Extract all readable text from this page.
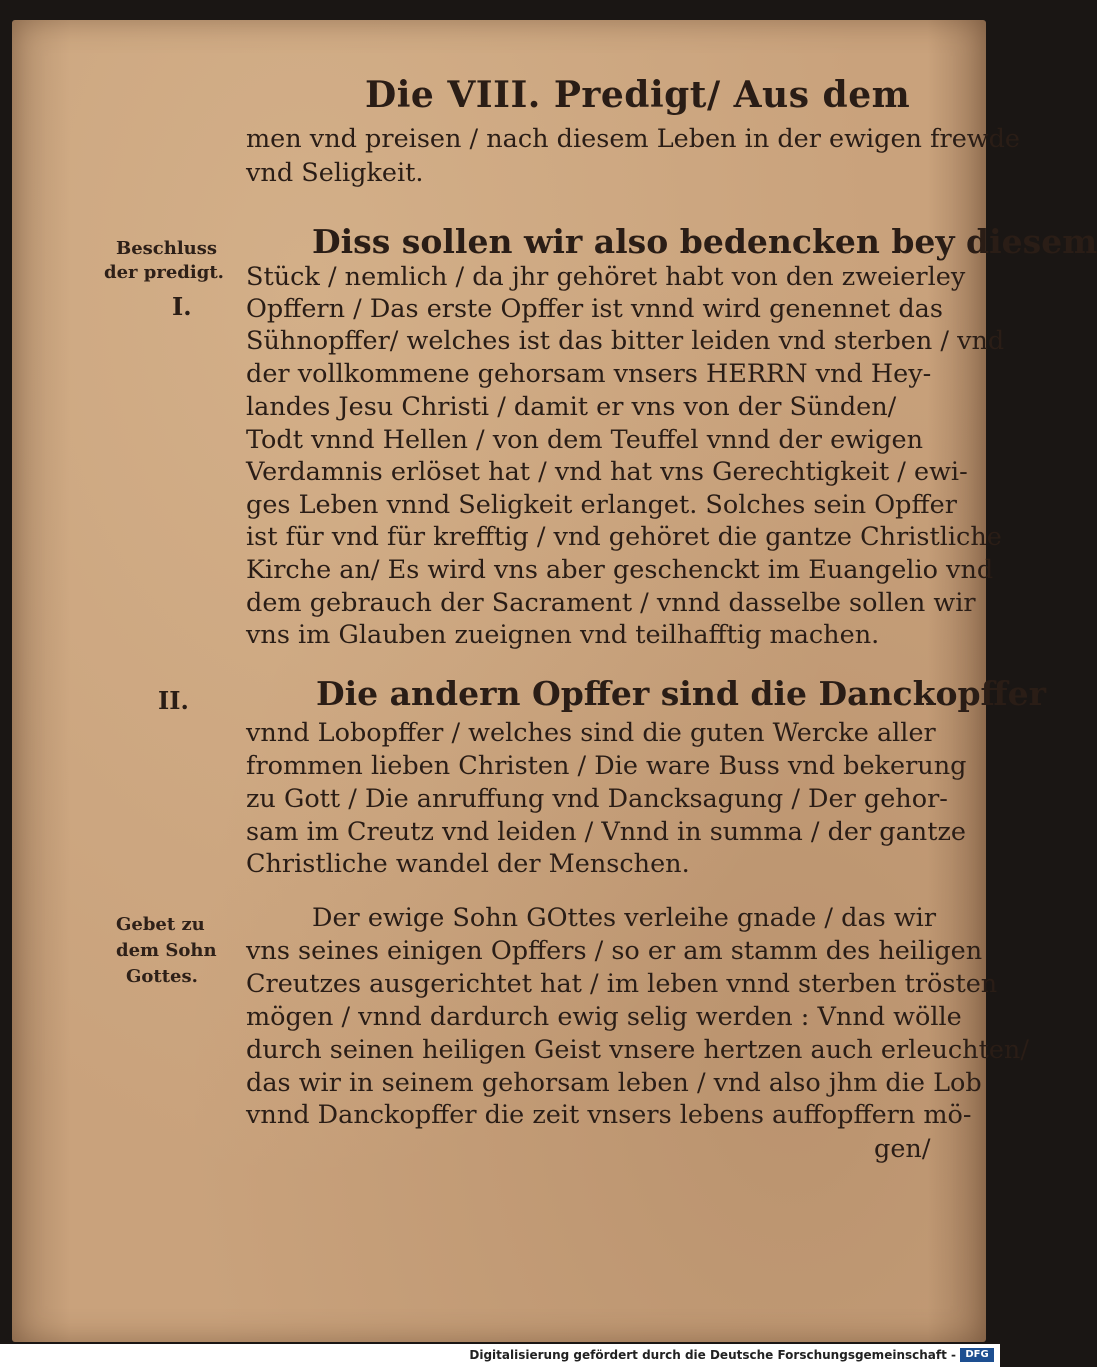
Die VIII. Predigt/ Aus dem
men vnd preisen / nach diesem Leben in der ewigen frewde
vnd Seligkeit.
Diss sollen wir also bedencken bey diesem
Stück / nemlich / da jhr gehöret habt von den zweierley
Opffern / Das erste Opffer ist vnnd wird genennet das
Sühnopffer/ welches ist das bitter leiden vnd sterben / vnd
der vollkommene gehorsam vnsers HERRN vnd Hey-
landes Jesu Christi / damit er vns von der Sünden/
Todt vnnd Hellen / von dem Teuffel vnnd der ewigen
Verdamnis erlöset hat / vnd hat vns Gerechtigkeit / ewi-
ges Leben vnnd Seligkeit erlanget. Solches sein Opffer
ist für vnd für krefftig / vnd gehöret die gantze Christliche
Kirche an/ Es wird vns aber geschenckt im Euangelio vnd
dem gebrauch der Sacrament / vnnd dasselbe sollen wir
vns im Glauben zueignen vnd teilhafftig machen.
Die andern Opffer sind die Danckopffer
vnnd Lobopffer / welches sind die guten Wercke aller
frommen lieben Christen / Die ware Buss vnd bekerung
zu Gott / Die anruffung vnd Dancksagung / Der gehor-
sam im Creutz vnd leiden / Vnnd in summa / der gantze
Christliche wandel der Menschen.
Der ewige Sohn GOttes verleihe gnade / das wir
vns seines einigen Opffers / so er am stamm des heiligen
Creutzes ausgerichtet hat / im leben vnnd sterben trösten
mögen / vnnd dardurch ewig selig werden : Vnnd wölle
durch seinen heiligen Geist vnsere hertzen auch erleuchten/
das wir in seinem gehorsam leben / vnd also jhm die Lob
vnnd Danckopffer die zeit vnsers lebens auffopffern mö-
gen/
Beschluss
der predigt.
I.
II.
Gebet zu
dem Sohn
Gottes.
Digitalisierung gefördert durch die Deutsche Forschungsgemeinschaft - DFG
